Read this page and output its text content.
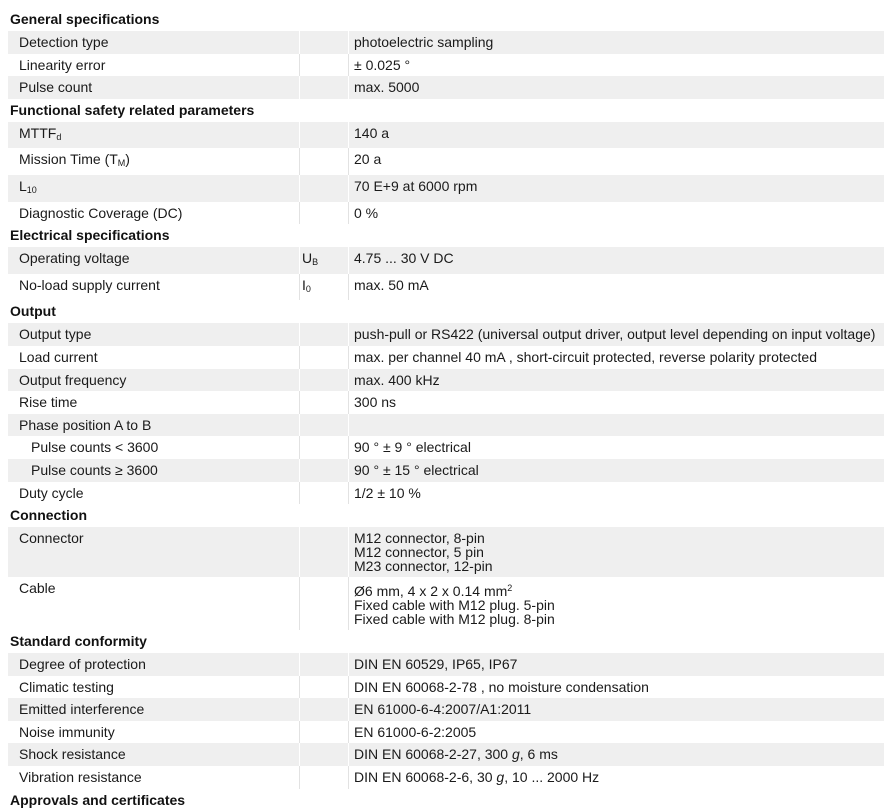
General specifications
Detection type	photoelectric sampling
Linearity error	± 0.025 °
Pulse count	max. 5000
Functional safety related parameters
$MTTF_d$	140 a
Mission Time $(T_M)$	20 a
$L_{10}$	70 E+9 at 6000 rpm
Diagnostic Coverage (DC)	0 %
Electrical specifications
Operating voltage	$U_B$	4.75 ... 30 V DC
No-load supply current	$I_0$	max. 50 mA
Output
Output type	push-pull or RS422 (universal output driver, output level depending on input voltage)
Load current	max. per channel 40 mA , short-circuit protected, reverse polarity protected
Output frequency	max. 400 kHz
Rise time	300 ns
Phase position A to B
Pulse counts < 3600	90 ° ± 9 ° electrical
Pulse counts ≥ 3600	90 ° ± 15 ° electrical
Duty cycle	1/2 ± 10 %
Connection
Connector	M12 connector, 8-pin
M12 connector, 5 pin
M23 connector, 12-pin
Cable	Ø6 mm, 4 x 2 x 0.14 $mm^2$
Fixed cable with M12 plug. 5-pin
Fixed cable with M12 plug. 8-pin
Standard conformity
Degree of protection	DIN EN 60529, IP65, IP67
Climatic testing	DIN EN 60068-2-78 , no moisture condensation
Emitted interference	EN 61000-6-4:2007/A1:2011
Noise immunity	EN 61000-6-2:2005
Shock resistance	DIN EN 60068-2-27, 300 g, 6 ms
Vibration resistance	DIN EN 60068-2-6, 30 g, 10 ... 2000 Hz
Approvals and certificates
